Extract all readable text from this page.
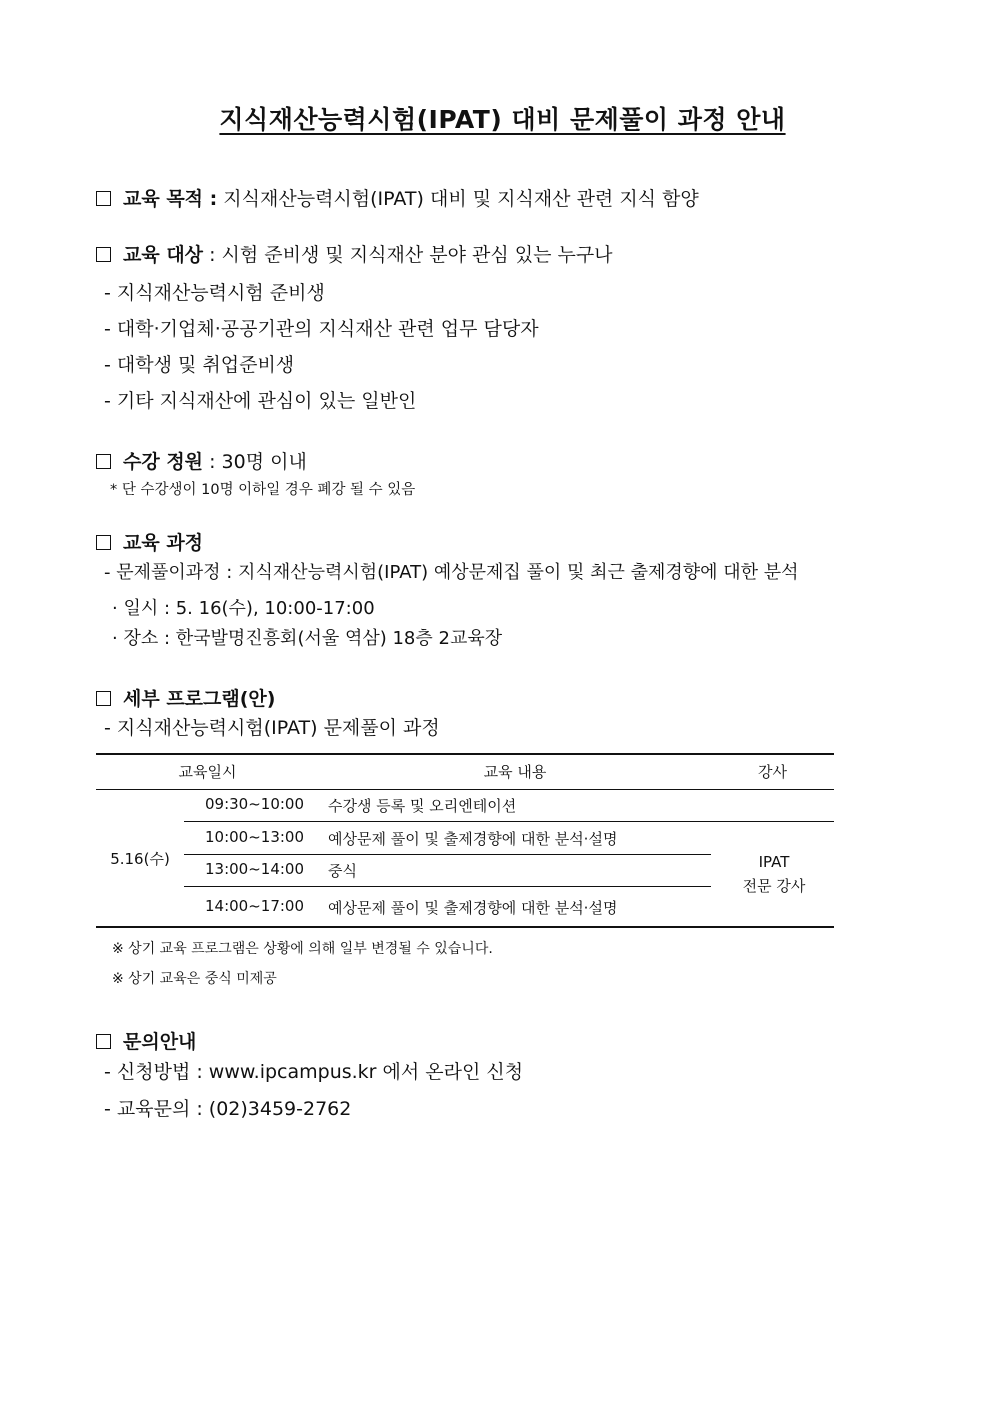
지식재산능력시험(IPAT) 대비 문제풀이 과정 안내
교육 목적 : 지식재산능력시험(IPAT) 대비 및 지식재산 관련 지식 함양
교육 대상 : 시험 준비생 및 지식재산 분야 관심 있는 누구나
- 지식재산능력시험 준비생
- 대학·기업체·공공기관의 지식재산 관련 업무 담당자
- 대학생 및 취업준비생
- 기타 지식재산에 관심이 있는 일반인
수강 정원 : 30명 이내
* 단 수강생이 10명 이하일 경우 폐강 될 수 있음
교육 과정
- 문제풀이과정 : 지식재산능력시험(IPAT) 예상문제집 풀이 및 최근 출제경향에 대한 분석
· 일시 : 5. 16(수), 10:00-17:00
· 장소 : 한국발명진흥회(서울 역삼) 18층 2교육장
세부 프로그램(안)
- 지식재산능력시험(IPAT) 문제풀이 과정
교육일시	교육 내용	강사
5.16(수)
09:30~10:00 수강생 등록 및 오리엔테이션
10:00~13:00 예상문제 풀이 및 출제경향에 대한 분석·설명
13:00~14:00 중식
14:00~17:00 예상문제 풀이 및 출제경향에 대한 분석·설명
IPAT
전문 강사
※ 상기 교육 프로그램은 상황에 의해 일부 변경될 수 있습니다.
※ 상기 교육은 중식 미제공
문의안내
- 신청방법 : www.ipcampus.kr 에서 온라인 신청
- 교육문의 : (02)3459-2762
